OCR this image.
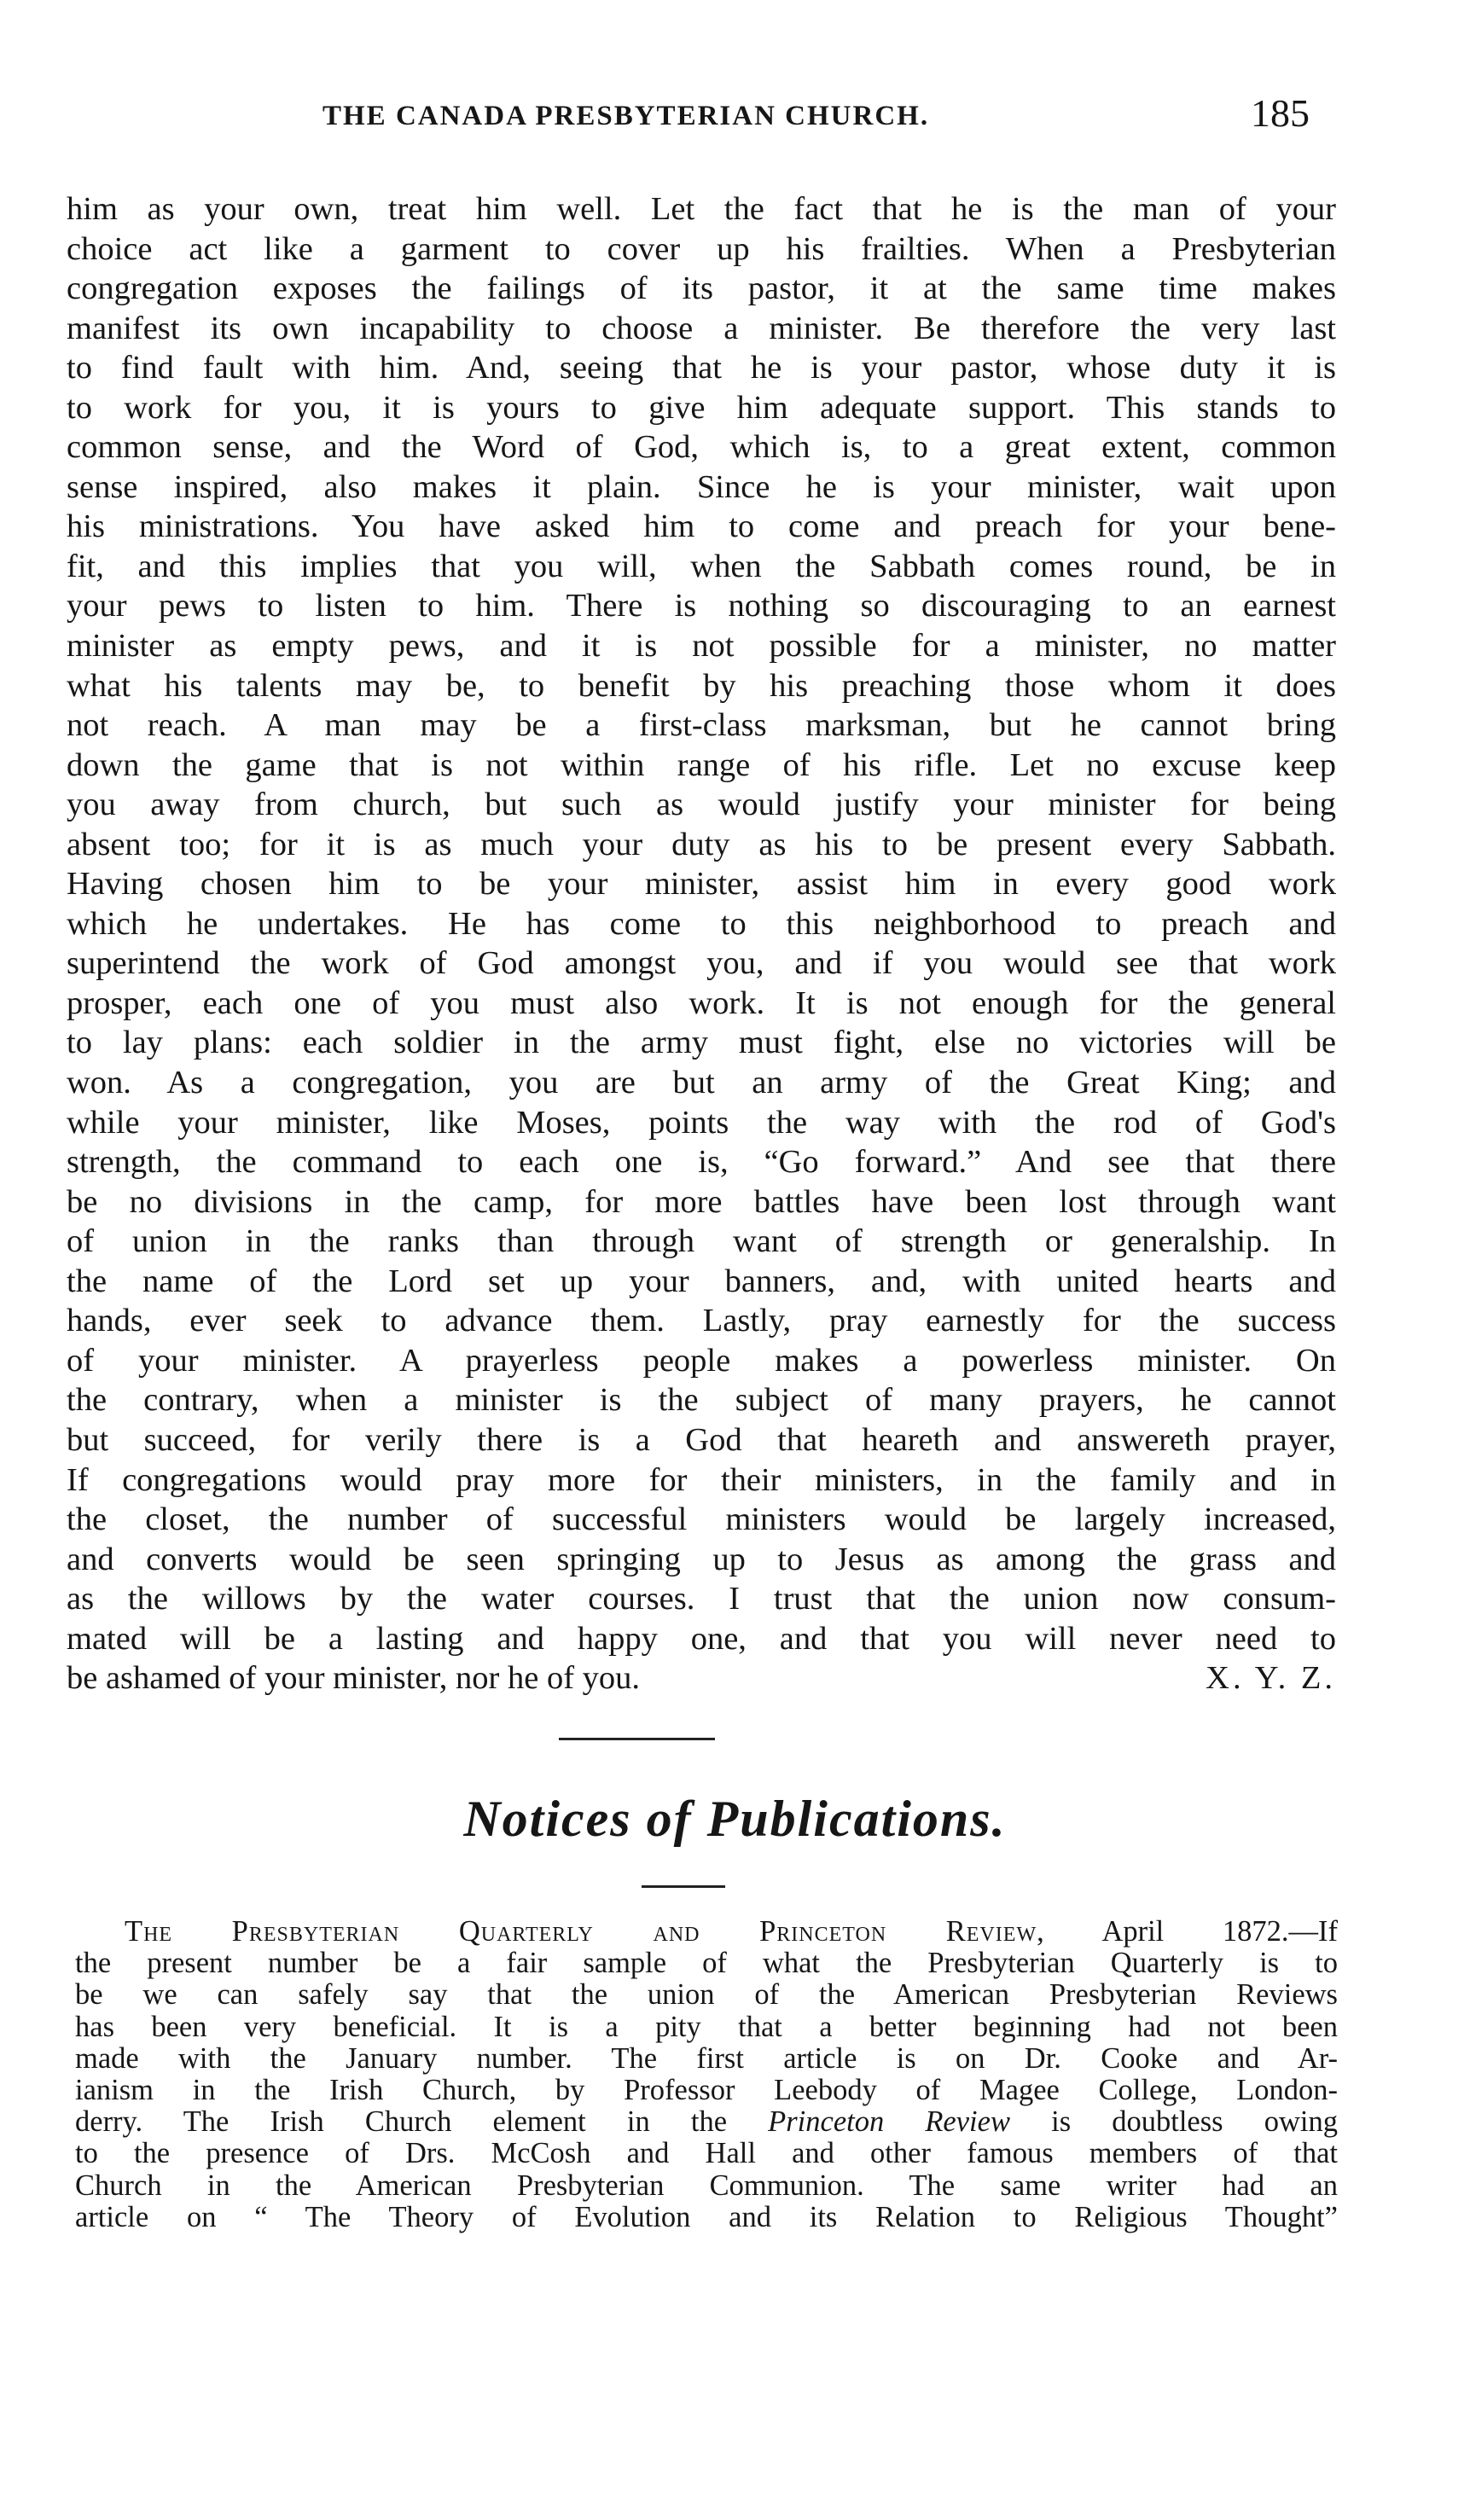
THE CANADA PRESBYTERIAN CHURCH.	185
him as your own, treat him well. Let the fact that he is the man of your
choice act like a garment to cover up his frailties. When a Presbyterian
congregation exposes the failings of its pastor, it at the same time makes
manifest its own incapability to choose a minister. Be therefore the very last
to find fault with him. And, seeing that he is your pastor, whose duty it is
to work for you, it is yours to give him adequate support. This stands to
common sense, and the Word of God, which is, to a great extent, common
sense inspired, also makes it plain. Since he is your minister, wait upon
his ministrations. You have asked him to come and preach for your bene-
fit, and this implies that you will, when the Sabbath comes round, be in
your pews to listen to him. There is nothing so discouraging to an earnest
minister as empty pews, and it is not possible for a minister, no matter
what his talents may be, to benefit by his preaching those whom it does
not reach. A man may be a first-class marksman, but he cannot bring
down the game that is not within range of his rifle. Let no excuse keep
you away from church, but such as would justify your minister for being
absent too; for it is as much your duty as his to be present every Sabbath.
Having chosen him to be your minister, assist him in every good work
which he undertakes. He has come to this neighborhood to preach and
superintend the work of God amongst you, and if you would see that work
prosper, each one of you must also work. It is not enough for the general
to lay plans: each soldier in the army must fight, else no victories will be
won. As a congregation, you are but an army of the Great King; and
while your minister, like Moses, points the way with the rod of God's
strength, the command to each one is, “Go forward.” And see that there
be no divisions in the camp, for more battles have been lost through want
of union in the ranks than through want of strength or generalship. In
the name of the Lord set up your banners, and, with united hearts and
hands, ever seek to advance them. Lastly, pray earnestly for the success
of your minister. A prayerless people makes a powerless minister. On
the contrary, when a minister is the subject of many prayers, he cannot
but succeed, for verily there is a God that heareth and answereth prayer,
If congregations would pray more for their ministers, in the family and in
the closet, the number of successful ministers would be largely increased,
and converts would be seen springing up to Jesus as among the grass and
as the willows by the water courses. I trust that the union now consum-
mated will be a lasting and happy one, and that you will never need to
be ashamed of your minister, nor he of you.	X. Y. Z.
Notices of Publications.
The Presbyterian Quarterly and Princeton Review, April 1872.—If
the present number be a fair sample of what the Presbyterian Quarterly is to
be we can safely say that the union of the American Presbyterian Reviews
has been very beneficial. It is a pity that a better beginning had not been
made with the January number. The first article is on Dr. Cooke and Ar-
ianism in the Irish Church, by Professor Leebody of Magee College, London-
derry. The Irish Church element in the Princeton Review is doubtless owing
to the presence of Drs. McCosh and Hall and other famous members of that
Church in the American Presbyterian Communion. The same writer had an
article on “ The Theory of Evolution and its Relation to Religious Thought”
